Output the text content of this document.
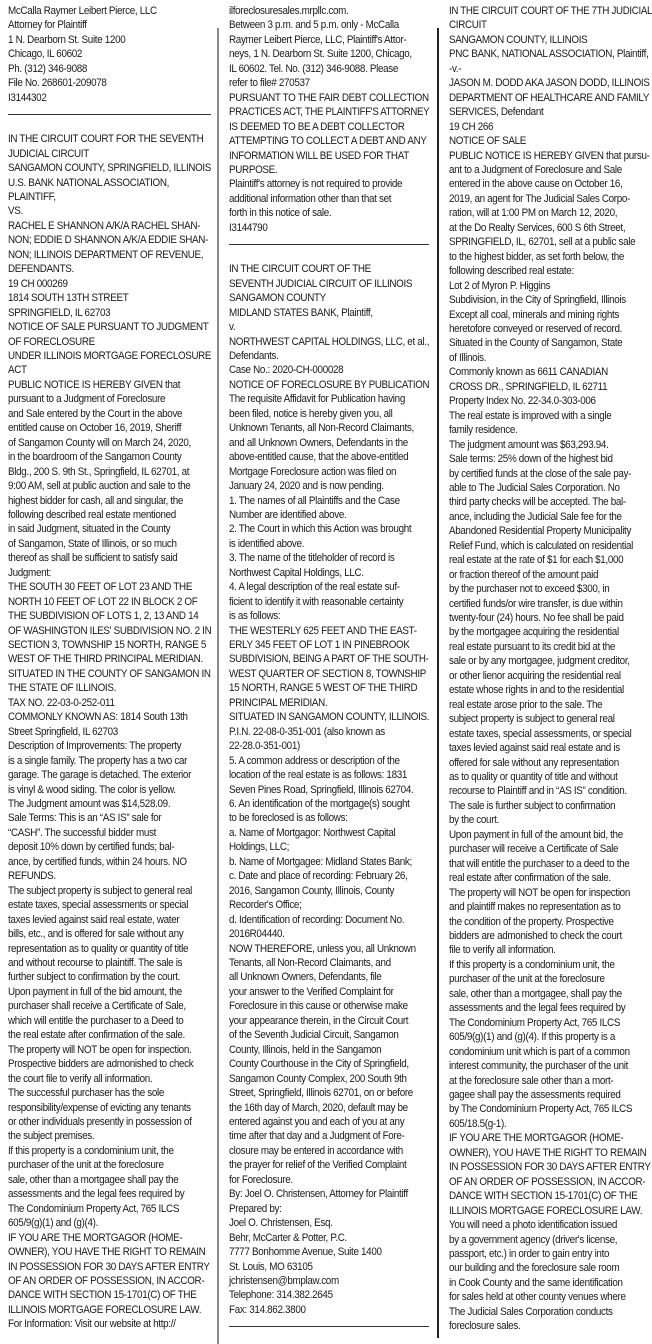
McCalla Raymer Leibert Pierce, LLC
Attorney for Plaintiff
1 N. Dearborn St. Suite 1200
Chicago, IL 60602
Ph. (312) 346-9088
File No. 268601-209078
I3144302
IN THE CIRCUIT COURT FOR THE SEVENTH
JUDICIAL CIRCUIT
SANGAMON COUNTY, SPRINGFIELD, ILLINOIS
U.S. BANK NATIONAL ASSOCIATION,
PLAINTIFF,
VS.
RACHEL E SHANNON A/K/A RACHEL SHAN-
NON; EDDIE D SHANNON A/K/A EDDIE SHAN-
NON; ILLINOIS DEPARTMENT OF REVENUE,
DEFENDANTS.
19 CH 000269
1814 SOUTH 13TH STREET
SPRINGFIELD, IL 62703
NOTICE OF SALE PURSUANT TO JUDGMENT
OF FORECLOSURE
UNDER ILLINOIS MORTGAGE FORECLOSURE
ACT
PUBLIC NOTICE IS HEREBY GIVEN that
pursuant to a Judgment of Foreclosure
and Sale entered by the Court in the above
entitled cause on October 16, 2019, Sheriff
of Sangamon County will on March 24, 2020,
in the boardroom of the Sangamon County
Bldg., 200 S. 9th St., Springfield, IL 62701, at
9:00 AM, sell at public auction and sale to the
highest bidder for cash, all and singular, the
following described real estate mentioned
in said Judgment, situated in the County
of Sangamon, State of Illinois, or so much
thereof as shall be sufficient to satisfy said
Judgment:
THE SOUTH 30 FEET OF LOT 23 AND THE
NORTH 10 FEET OF LOT 22 IN BLOCK 2 OF
THE SUBDIVISION OF LOTS 1, 2, 13 AND 14
OF WASHINGTON ILES' SUBDIVISION NO. 2 IN
SECTION 3, TOWNSHIP 15 NORTH, RANGE 5
WEST OF THE THIRD PRINCIPAL MERIDIAN.
SITUATED IN THE COUNTY OF SANGAMON IN
THE STATE OF ILLINOIS.
TAX NO. 22-03-0-252-011
COMMONLY KNOWN AS: 1814 South 13th
Street Springfield, IL 62703
Description of Improvements: The property
is a single family. The property has a two car
garage. The garage is detached. The exterior
is vinyl & wood siding. The color is yellow.
The Judgment amount was $14,528.09.
Sale Terms: This is an “AS IS” sale for
“CASH”. The successful bidder must
deposit 10% down by certified funds; bal-
ance, by certified funds, within 24 hours. NO
REFUNDS.
The subject property is subject to general real
estate taxes, special assessments or special
taxes levied against said real estate, water
bills, etc., and is offered for sale without any
representation as to quality or quantity of title
and without recourse to plaintiff. The sale is
further subject to confirmation by the court.
Upon payment in full of the bid amount, the
purchaser shall receive a Certificate of Sale,
which will entitle the purchaser to a Deed to
the real estate after confirmation of the sale.
The property will NOT be open for inspection.
Prospective bidders are admonished to check
the court file to verify all information.
The successful purchaser has the sole
responsibility/expense of evicting any tenants
or other individuals presently in possession of
the subject premises.
If this property is a condominium unit, the
purchaser of the unit at the foreclosure
sale, other than a mortgagee shall pay the
assessments and the legal fees required by
The Condominium Property Act, 765 ILCS
605/9(g)(1) and (g)(4).
IF YOU ARE THE MORTGAGOR (HOME-
OWNER), YOU HAVE THE RIGHT TO REMAIN
IN POSSESSION FOR 30 DAYS AFTER ENTRY
OF AN ORDER OF POSSESSION, IN ACCOR-
DANCE WITH SECTION 15-1701(C) OF THE
ILLINOIS MORTGAGE FORECLOSURE LAW.
For Information: Visit our website at http://
ilforeclosuresales.mrpllc.com.
Between 3 p.m. and 5 p.m. only - McCalla
Raymer Leibert Pierce, LLC, Plaintiff's Attor-
neys, 1 N. Dearborn St. Suite 1200, Chicago,
IL 60602. Tel. No. (312) 346-9088. Please
refer to file# 270537
PURSUANT TO THE FAIR DEBT COLLECTION
PRACTICES ACT, THE PLAINTIFF'S ATTORNEY
IS DEEMED TO BE A DEBT COLLECTOR
ATTEMPTING TO COLLECT A DEBT AND ANY
INFORMATION WILL BE USED FOR THAT
PURPOSE.
Plaintiff's attorney is not required to provide
additional information other than that set
forth in this notice of sale.
I3144790
IN THE CIRCUIT COURT OF THE
SEVENTH JUDICIAL CIRCUIT OF ILLINOIS
SANGAMON COUNTY
MIDLAND STATES BANK, Plaintiff,
v.
NORTHWEST CAPITAL HOLDINGS, LLC, et al.,
Defendants.
Case No.: 2020-CH-000028
NOTICE OF FORECLOSURE BY PUBLICATION
The requisite Affidavit for Publication having
been filed, notice is hereby given you, all
Unknown Tenants, all Non-Record Claimants,
and all Unknown Owners, Defendants in the
above-entitled cause, that the above-entitled
Mortgage Foreclosure action was filed on
January 24, 2020 and is now pending.
1. The names of all Plaintiffs and the Case
Number are identified above.
2. The Court in which this Action was brought
is identified above.
3. The name of the titleholder of record is
Northwest Capital Holdings, LLC.
4. A legal description of the real estate suf-
ficient to identify it with reasonable certainty
is as follows:
THE WESTERLY 625 FEET AND THE EAST-
ERLY 345 FEET OF LOT 1 IN PINEBROOK
SUBDIVISION, BEING A PART OF THE SOUTH-
WEST QUARTER OF SECTION 8, TOWNSHIP
15 NORTH, RANGE 5 WEST OF THE THIRD
PRINCIPAL MERIDIAN.
SITUATED IN SANGAMON COUNTY, ILLINOIS.
P.I.N. 22-08-0-351-001 (also known as
22-28.0-351-001)
5. A common address or description of the
location of the real estate is as follows: 1831
Seven Pines Road, Springfield, Illinois 62704.
6. An identification of the mortgage(s) sought
to be foreclosed is as follows:
a. Name of Mortgagor: Northwest Capital
Holdings, LLC;
b. Name of Mortgagee: Midland States Bank;
c. Date and place of recording: February 26,
2016, Sangamon County, Illinois, County
Recorder's Office;
d. Identification of recording: Document No.
2016R04440.
NOW THEREFORE, unless you, all Unknown
Tenants, all Non-Record Claimants, and
all Unknown Owners, Defendants, file
your answer to the Verified Complaint for
Foreclosure in this cause or otherwise make
your appearance therein, in the Circuit Court
of the Seventh Judicial Circuit, Sangamon
County, Illinois, held in the Sangamon
County Courthouse in the City of Springfield,
Sangamon County Complex, 200 South 9th
Street, Springfield, Illinois 62701, on or before
the 16th day of March, 2020, default may be
entered against you and each of you at any
time after that day and a Judgment of Fore-
closure may be entered in accordance with
the prayer for relief of the Verified Complaint
for Foreclosure.
By: Joel O. Christensen, Attorney for Plaintiff
Prepared by:
Joel O. Christensen, Esq.
Behr, McCarter & Potter, P.C.
7777 Bonhomme Avenue, Suite 1400
St. Louis, MO 63105
jchristensen@bmplaw.com
Telephone: 314.382.2645
Fax: 314.862.3800
IN THE CIRCUIT COURT OF THE 7TH JUDICIAL
CIRCUIT
SANGAMON COUNTY, ILLINOIS
PNC BANK, NATIONAL ASSOCIATION, Plaintiff,
-v.-
JASON M. DODD AKA JASON DODD, ILLINOIS
DEPARTMENT OF HEALTHCARE AND FAMILY
SERVICES, Defendant
19 CH 266
NOTICE OF SALE
PUBLIC NOTICE IS HEREBY GIVEN that pursu-
ant to a Judgment of Foreclosure and Sale
entered in the above cause on October 16,
2019, an agent for The Judicial Sales Corpo-
ration, will at 1:00 PM on March 12, 2020,
at the Do Realty Services, 600 S 6th Street,
SPRINGFIELD, IL, 62701, sell at a public sale
to the highest bidder, as set forth below, the
following described real estate:
Lot 2 of Myron P. Higgins
Subdivision, in the City of Springfield, Illinois
Except all coal, minerals and mining rights
heretofore conveyed or reserved of record.
Situated in the County of Sangamon, State
of Illinois.
Commonly known as 6611 CANADIAN
CROSS DR., SPRINGFIELD, IL 62711
Property Index No. 22-34.0-303-006
The real estate is improved with a single
family residence.
The judgment amount was $63,293.94.
Sale terms: 25% down of the highest bid
by certified funds at the close of the sale pay-
able to The Judicial Sales Corporation. No
third party checks will be accepted. The bal-
ance, including the Judicial Sale fee for the
Abandoned Residential Property Municipality
Relief Fund, which is calculated on residential
real estate at the rate of $1 for each $1,000
or fraction thereof of the amount paid
by the purchaser not to exceed $300, in
certified funds/or wire transfer, is due within
twenty-four (24) hours. No fee shall be paid
by the mortgagee acquiring the residential
real estate pursuant to its credit bid at the
sale or by any mortgagee, judgment creditor,
or other lienor acquiring the residential real
estate whose rights in and to the residential
real estate arose prior to the sale. The
subject property is subject to general real
estate taxes, special assessments, or special
taxes levied against said real estate and is
offered for sale without any representation
as to quality or quantity of title and without
recourse to Plaintiff and in “AS IS” condition.
The sale is further subject to confirmation
by the court.
Upon payment in full of the amount bid, the
purchaser will receive a Certificate of Sale
that will entitle the purchaser to a deed to the
real estate after confirmation of the sale.
The property will NOT be open for inspection
and plaintiff makes no representation as to
the condition of the property. Prospective
bidders are admonished to check the court
file to verify all information.
If this property is a condominium unit, the
purchaser of the unit at the foreclosure
sale, other than a mortgagee, shall pay the
assessments and the legal fees required by
The Condominium Property Act, 765 ILCS
605/9(g)(1) and (g)(4). If this property is a
condominium unit which is part of a common
interest community, the purchaser of the unit
at the foreclosure sale other than a mort-
gagee shall pay the assessments required
by The Condominium Property Act, 765 ILCS
605/18.5(g-1).
IF YOU ARE THE MORTGAGOR (HOME-
OWNER), YOU HAVE THE RIGHT TO REMAIN
IN POSSESSION FOR 30 DAYS AFTER ENTRY
OF AN ORDER OF POSSESSION, IN ACCOR-
DANCE WITH SECTION 15-1701(C) OF THE
ILLINOIS MORTGAGE FORECLOSURE LAW.
You will need a photo identification issued
by a government agency (driver's license,
passport, etc.) in order to gain entry into
our building and the foreclosure sale room
in Cook County and the same identification
for sales held at other county venues where
The Judicial Sales Corporation conducts
foreclosure sales.
